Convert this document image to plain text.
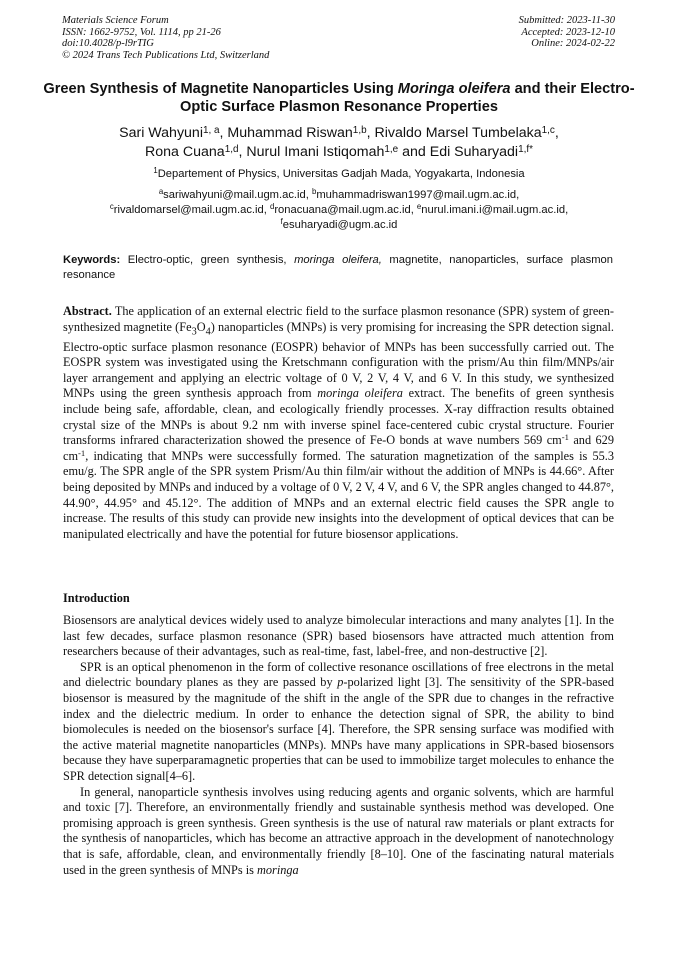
Materials Science Forum
ISSN: 1662-9752, Vol. 1114, pp 21-26
doi:10.4028/p-l9rTIG
© 2024 Trans Tech Publications Ltd, Switzerland
Submitted: 2023-11-30
Accepted: 2023-12-10
Online: 2024-02-22
Green Synthesis of Magnetite Nanoparticles Using Moringa oleifera and their Electro-Optic Surface Plasmon Resonance Properties
Sari Wahyuni$^{1, a}$, Muhammad Riswan$^{1,b}$, Rivaldo Marsel Tumbelaka$^{1,c}$,
Rona Cuana$^{1,d}$, Nurul Imani Istiqomah$^{1,e}$ and Edi Suharyadi$^{1,f*}$
$^1$Departement of Physics, Universitas Gadjah Mada, Yogyakarta, Indonesia
$^a$sariwahyuni@mail.ugm.ac.id, $^b$muhammadriswan1997@mail.ugm.ac.id,
$^c$rivaldomarsel@mail.ugm.ac.id, $^d$ronacuana@mail.ugm.ac.id, $^e$nurul.imani.i@mail.ugm.ac.id,
$^f$esuharyadi@ugm.ac.id
Keywords: Electro-optic, green synthesis, moringa oleifera, magnetite, nanoparticles, surface plasmon resonance
Abstract. The application of an external electric field to the surface plasmon resonance (SPR) system of green-synthesized magnetite $(Fe_3O_4)$ nanoparticles (MNPs) is very promising for increasing the SPR detection signal. Electro-optic surface plasmon resonance (EOSPR) behavior of MNPs has been successfully carried out. The EOSPR system was investigated using the Kretschmann configuration with the prism/Au thin film/MNPs/air layer arrangement and applying an electric voltage of 0 V, 2 V, 4 V, and 6 V. In this study, we synthesized MNPs using the green synthesis approach from moringa oleifera extract. The benefits of green synthesis include being safe, affordable, clean, and ecologically friendly processes. X-ray diffraction results obtained crystal size of the MNPs is about 9.2 nm with inverse spinel face-centered cubic crystal structure. Fourier transforms infrared characterization showed the presence of Fe-O bonds at wave numbers 569 $cm^{-1}$ and 629 $cm^{-1}$, indicating that MNPs were successfully formed. The saturation magnetization of the samples is 55.3 emu/g. The SPR angle of the SPR system Prism/Au thin film/air without the addition of MNPs is 44.66°. After being deposited by MNPs and induced by a voltage of 0 V, 2 V, 4 V, and 6 V, the SPR angles changed to 44.87°, 44.90°, 44.95° and 45.12°. The addition of MNPs and an external electric field causes the SPR angle to increase. The results of this study can provide new insights into the development of optical devices that can be manipulated electrically and have the potential for future biosensor applications.
Introduction

Biosensors are analytical devices widely used to analyze bimolecular interactions and many analytes [1]. In the last few decades, surface plasmon resonance (SPR) based biosensors have attracted much attention from researchers because of their advantages, such as real-time, fast, label-free, and non-destructive [2].

SPR is an optical phenomenon in the form of collective resonance oscillations of free electrons in the metal and dielectric boundary planes as they are passed by p-polarized light [3]. The sensitivity of the SPR-based biosensor is measured by the magnitude of the shift in the angle of the SPR due to changes in the refractive index and the dielectric medium. In order to enhance the detection signal of SPR, the ability to bind biomolecules is needed on the biosensor's surface [4]. Therefore, the SPR sensing surface was modified with the active material magnetite nanoparticles (MNPs). MNPs have many applications in SPR-based biosensors because they have superparamagnetic properties that can be used to immobilize target molecules to enhance the SPR detection signal[4–6].

In general, nanoparticle synthesis involves using reducing agents and organic solvents, which are harmful and toxic [7]. Therefore, an environmentally friendly and sustainable synthesis method was developed. One promising approach is green synthesis. Green synthesis is the use of natural raw materials or plant extracts for the synthesis of nanoparticles, which has become an attractive approach in the development of nanotechnology that is safe, affordable, clean, and environmentally friendly [8–10]. One of the fascinating natural materials used in the green synthesis of MNPs is moringa
